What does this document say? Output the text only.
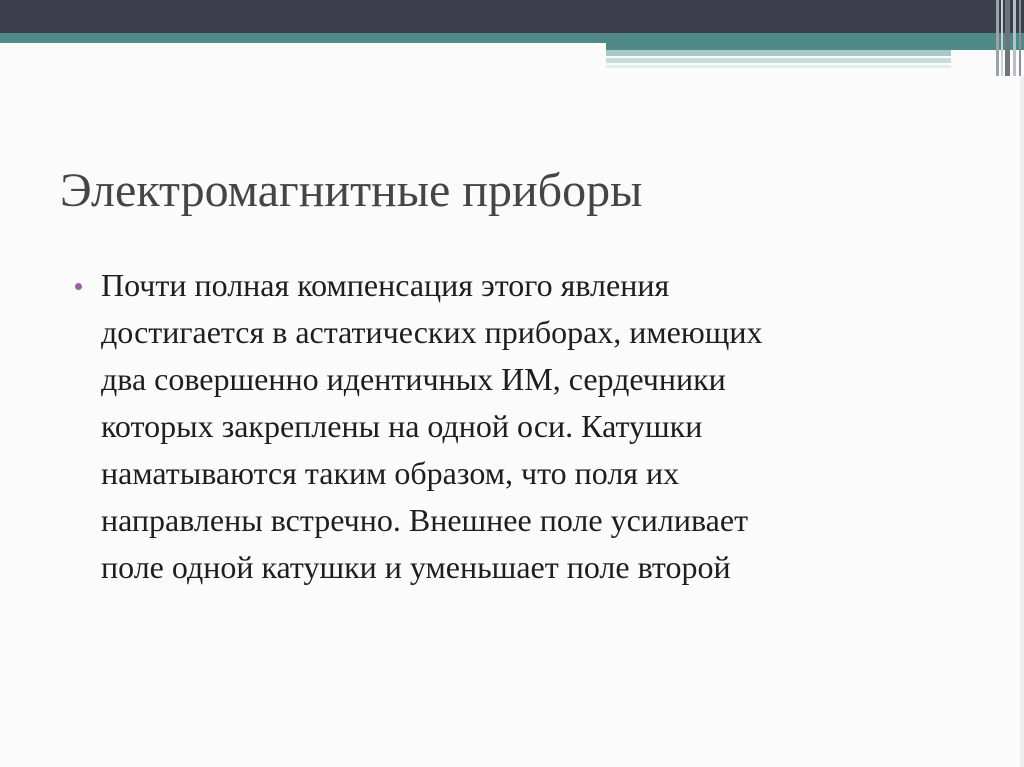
Электромагнитные приборы
Почти полная компенсация этого явления
достигается в астатических приборах, имеющих
два совершенно идентичных ИМ, сердечники
которых закреплены на одной оси. Катушки
наматываются таким образом, что поля их
направлены встречно. Внешнее поле усиливает
поле одной катушки и уменьшает поле второй
